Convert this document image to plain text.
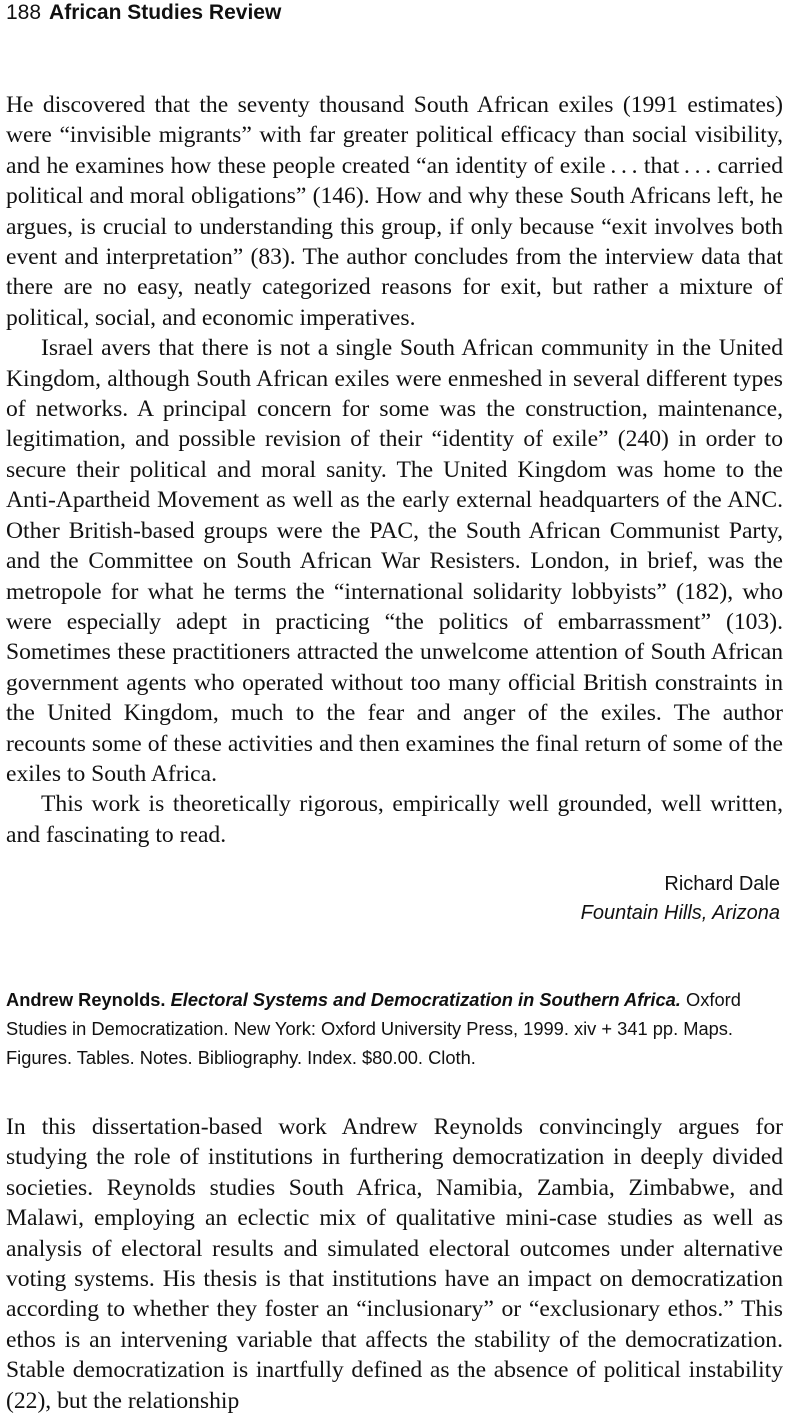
188 African Studies Review

He discovered that the seventy thousand South African exiles (1991 estimates) were “invisible migrants” with far greater political efficacy than social visibility, and he examines how these people created “an identity of exile . . . that . . . carried political and moral obligations” (146). How and why these South Africans left, he argues, is crucial to understanding this group, if only because “exit involves both event and interpretation” (83). The author concludes from the interview data that there are no easy, neatly categorized reasons for exit, but rather a mixture of political, social, and economic imperatives.

Israel avers that there is not a single South African community in the United Kingdom, although South African exiles were enmeshed in several different types of networks. A principal concern for some was the construction, maintenance, legitimation, and possible revision of their “identity of exile” (240) in order to secure their political and moral sanity. The United Kingdom was home to the Anti-Apartheid Movement as well as the early external headquarters of the ANC. Other British-based groups were the PAC, the South African Communist Party, and the Committee on South African War Resisters. London, in brief, was the metropole for what he terms the “international solidarity lobbyists” (182), who were especially adept in practicing “the politics of embarrassment” (103). Sometimes these practitioners attracted the unwelcome attention of South African government agents who operated without too many official British constraints in the United Kingdom, much to the fear and anger of the exiles. The author recounts some of these activities and then examines the final return of some of the exiles to South Africa.

This work is theoretically rigorous, empirically well grounded, well written, and fascinating to read.

Richard Dale
Fountain Hills, Arizona
Andrew Reynolds. Electoral Systems and Democratization in Southern Africa. Oxford Studies in Democratization. New York: Oxford University Press, 1999. xiv + 341 pp. Maps. Figures. Tables. Notes. Bibliography. Index. $80.00. Cloth.

In this dissertation-based work Andrew Reynolds convincingly argues for studying the role of institutions in furthering democratization in deeply divided societies. Reynolds studies South Africa, Namibia, Zambia, Zimbabwe, and Malawi, employing an eclectic mix of qualitative mini-case studies as well as analysis of electoral results and simulated electoral outcomes under alternative voting systems. His thesis is that institutions have an impact on democratization according to whether they foster an “inclusionary” or “exclusionary ethos.” This ethos is an intervening variable that affects the stability of the democratization. Stable democratization is inartfully defined as the absence of political instability (22), but the relationship
